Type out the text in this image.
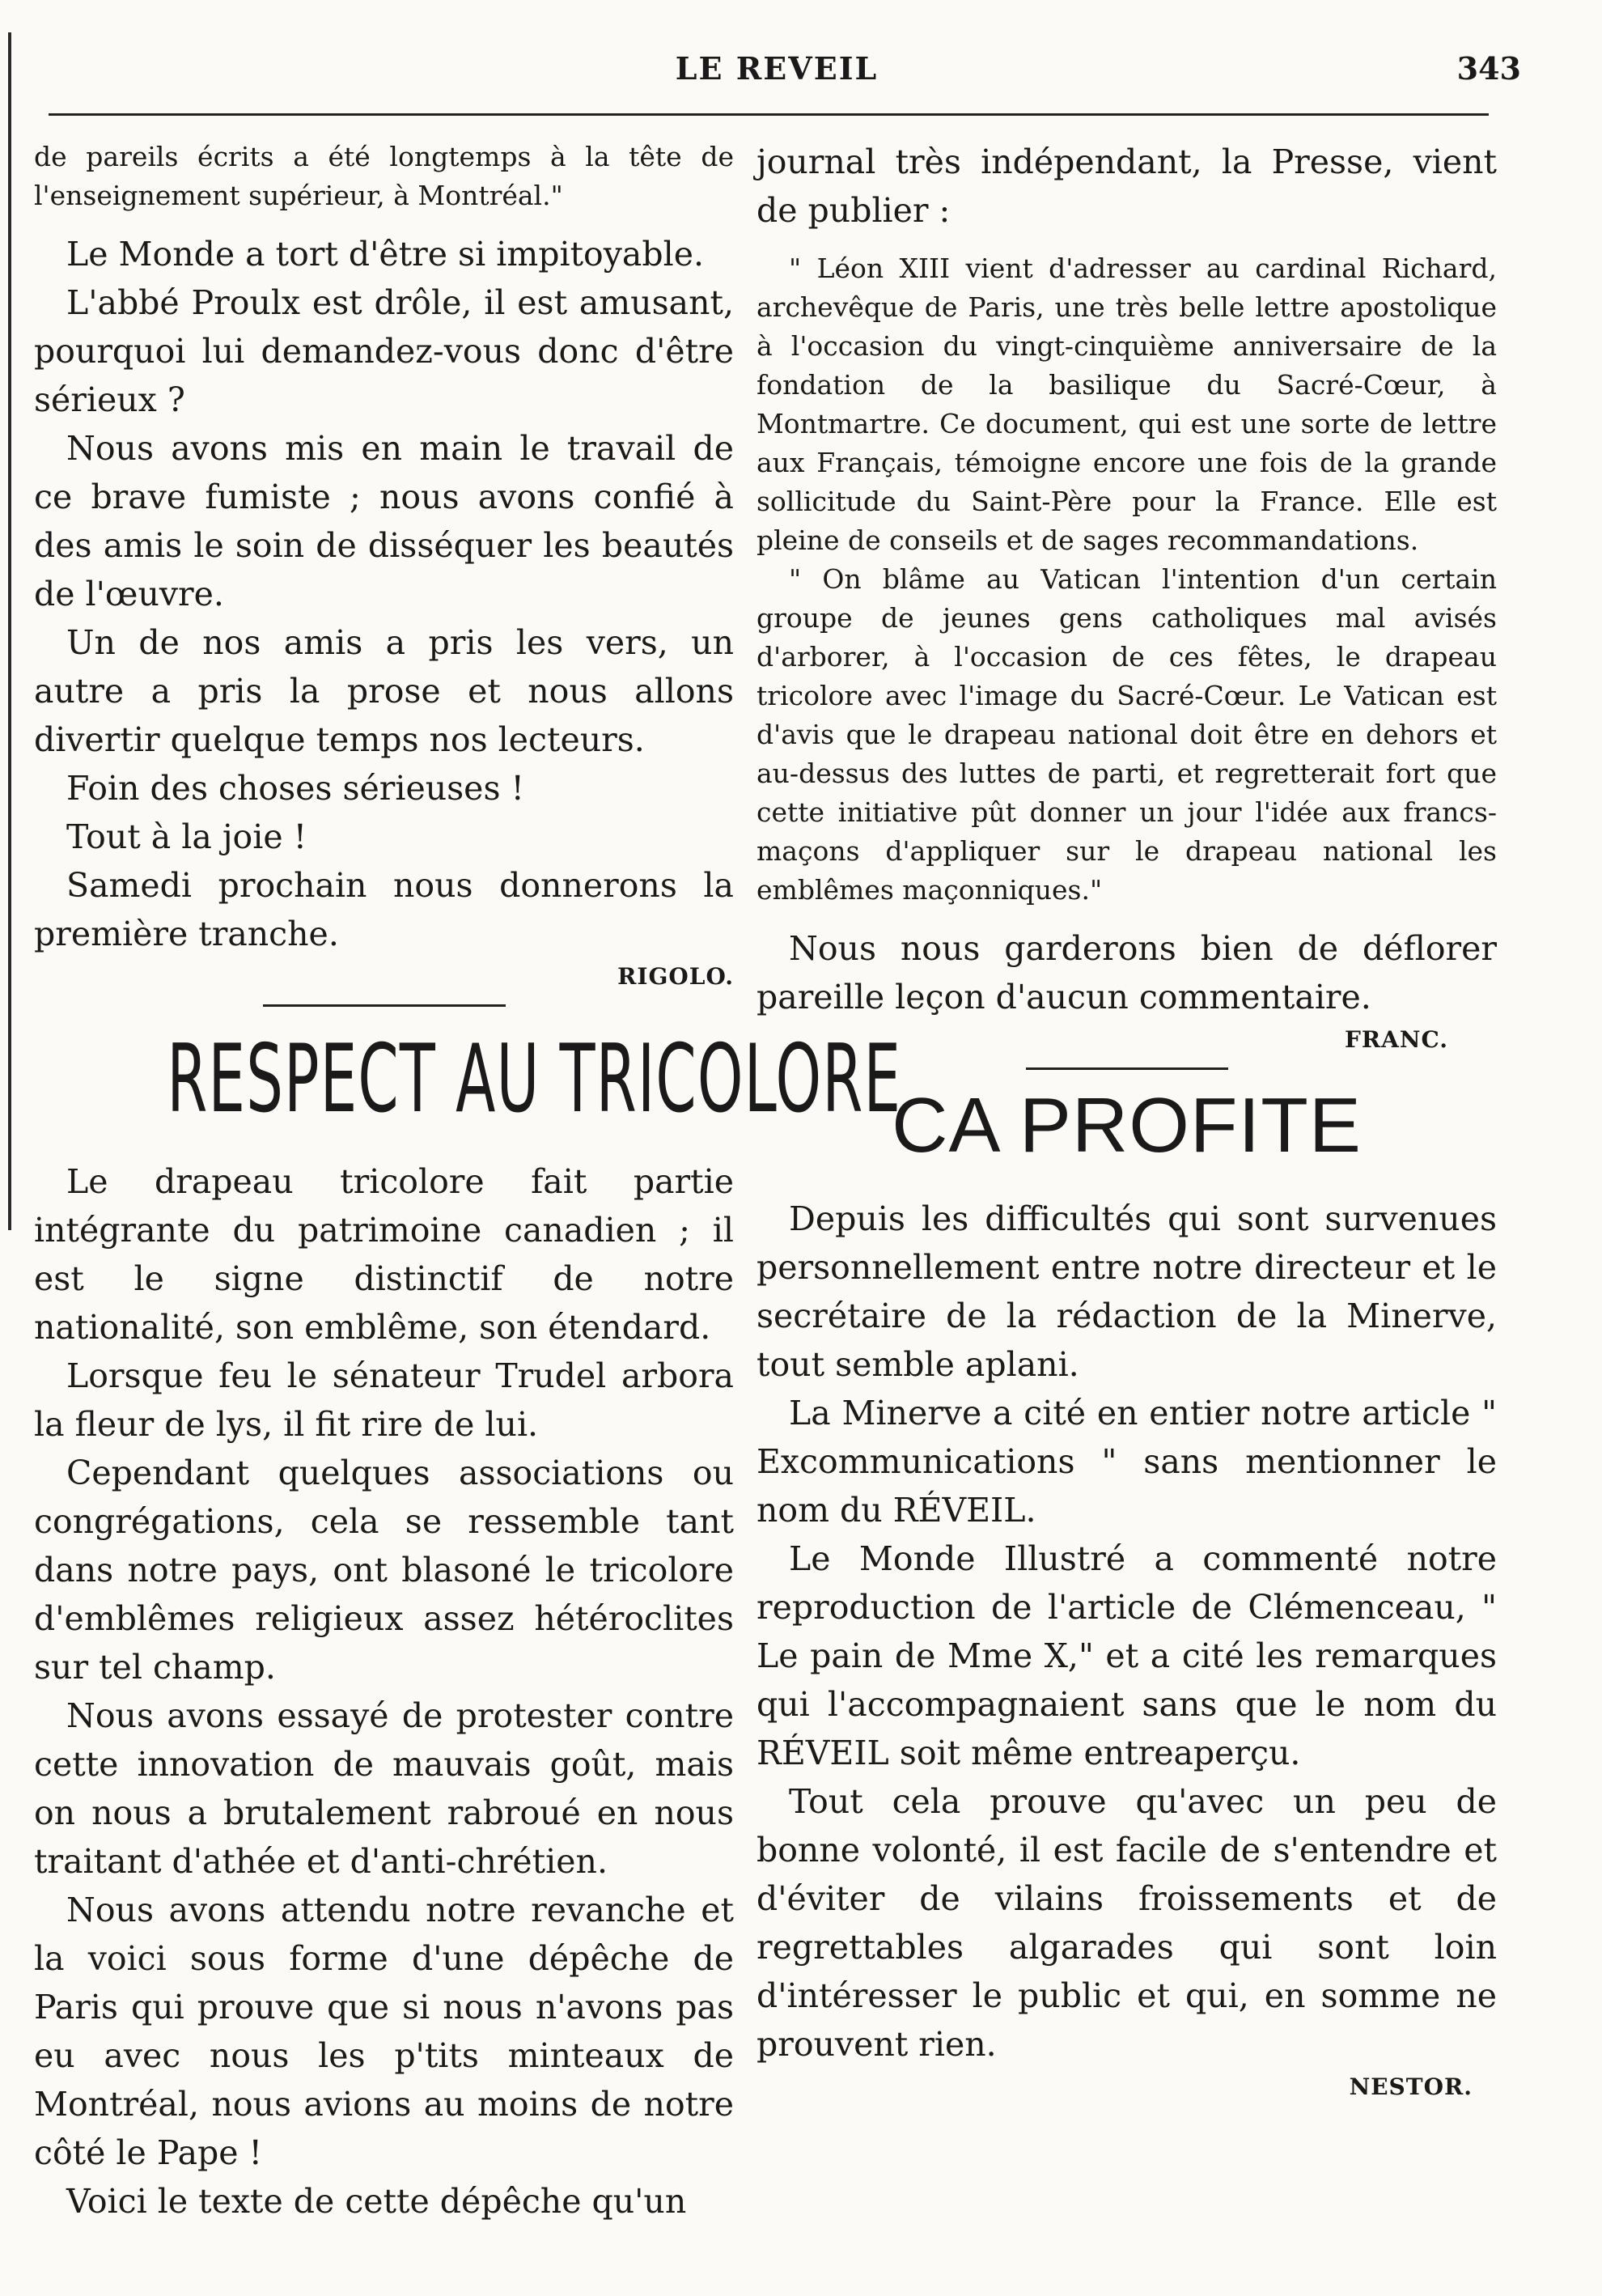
LE REVEIL	343

de pareils écrits a été longtemps à la tête de l'enseignement supérieur, à Montréal."

Le Monde a tort d'être si impitoyable.

L'abbé Proulx est drôle, il est amusant, pourquoi lui demandez-vous donc d'être sérieux ?

Nous avons mis en main le travail de ce brave fumiste ; nous avons confié à des amis le soin de disséquer les beautés de l'œuvre.

Un de nos amis a pris les vers, un autre a pris la prose et nous allons divertir quelque temps nos lecteurs.

Foin des choses sérieuses !

Tout à la joie !

Samedi prochain nous donnerons la première tranche.

RIGOLO.
RESPECT AU TRICOLORE

Le drapeau tricolore fait partie intégrante du patrimoine canadien ; il est le signe distinctif de notre nationalité, son emblême, son étendard.

Lorsque feu le sénateur Trudel arbora la fleur de lys, il fit rire de lui.

Cependant quelques associations ou congrégations, cela se ressemble tant dans notre pays, ont blasoné le tricolore d'emblêmes religieux assez hétéroclites sur tel champ.

Nous avons essayé de protester contre cette innovation de mauvais goût, mais on nous a brutalement rabroué en nous traitant d'athée et d'anti-chrétien.

Nous avons attendu notre revanche et la voici sous forme d'une dépêche de Paris qui prouve que si nous n'avons pas eu avec nous les p'tits minteaux de Montréal, nous avions au moins de notre côté le Pape !

Voici le texte de cette dépêche qu'un

journal très indépendant, la Presse, vient de publier :

" Léon XIII vient d'adresser au cardinal Richard, archevêque de Paris, une très belle lettre apostolique à l'occasion du vingt-cinquième anniversaire de la fondation de la basilique du Sacré-Cœur, à Montmartre. Ce document, qui est une sorte de lettre aux Français, témoigne encore une fois de la grande sollicitude du Saint-Père pour la France. Elle est pleine de conseils et de sages recommandations.

" On blâme au Vatican l'intention d'un certain groupe de jeunes gens catholiques mal avisés d'arborer, à l'occasion de ces fêtes, le drapeau tricolore avec l'image du Sacré-Cœur. Le Vatican est d'avis que le drapeau national doit être en dehors et au-dessus des luttes de parti, et regretterait fort que cette initiative pût donner un jour l'idée aux francs-maçons d'appliquer sur le drapeau national les emblêmes maçonniques."

Nous nous garderons bien de déflorer pareille leçon d'aucun commentaire.

FRANC.
CA PROFITE

Depuis les difficultés qui sont survenues personnellement entre notre directeur et le secrétaire de la rédaction de la Minerve, tout semble aplani.

La Minerve a cité en entier notre article " Excommunications " sans mentionner le nom du RÉVEIL.

Le Monde Illustré a commenté notre reproduction de l'article de Clémenceau, " Le pain de Mme X," et a cité les remarques qui l'accompagnaient sans que le nom du RÉVEIL soit même entreaperçu.

Tout cela prouve qu'avec un peu de bonne volonté, il est facile de s'entendre et d'éviter de vilains froissements et de regrettables algarades qui sont loin d'intéresser le public et qui, en somme ne prouvent rien.

NESTOR.
